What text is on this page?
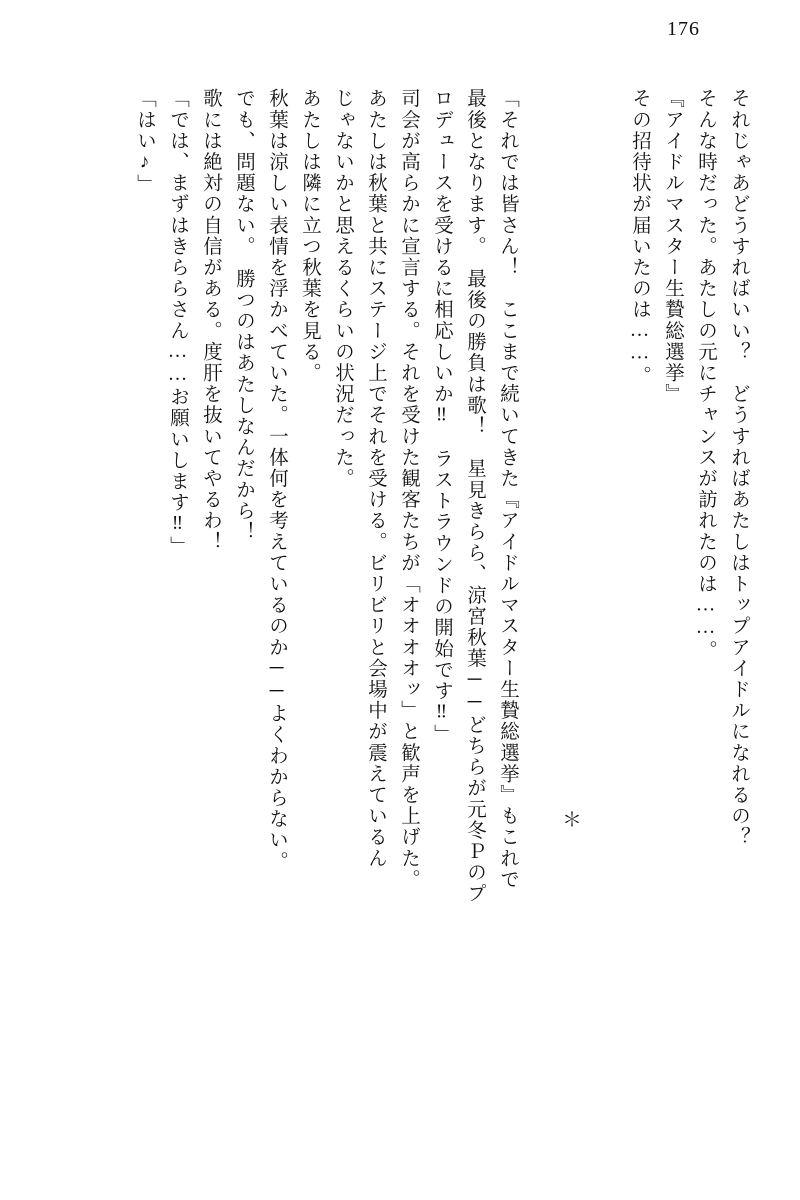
176
それじゃあどうすればいい？　どうすればあたしはトップアイドルになれるの？
そんな時だった。あたしの元にチャンスが訪れたのは……。
『アイドルマスター生贄総選挙』
その招待状が届いたのは……。
＊
「それでは皆さん！　ここまで続いてきた『アイドルマスター生贄総選挙』もこれで
最後となります。　最後の勝負は歌！　星見きらら、涼宮秋葉──どちらが元冬Ｐのプ
ロデュースを受けるに相応しいか‼　ラストラウンドの開始です‼」
司会が高らかに宣言する。それを受けた観客たちが「オオオオッ」と歓声を上げた。
あたしは秋葉と共にステージ上でそれを受ける。ビリビリと会場中が震えているん
じゃないかと思えるくらいの状況だった。
あたしは隣に立つ秋葉を見る。
秋葉は涼しい表情を浮かべていた。一体何を考えているのか──よくわからない。
でも、問題ない。　勝つのはあたしなんだから！
歌には絶対の自信がある。度肝を抜いてやるわ！
「では、まずはきららさん……お願いします‼」
「はい♪」
